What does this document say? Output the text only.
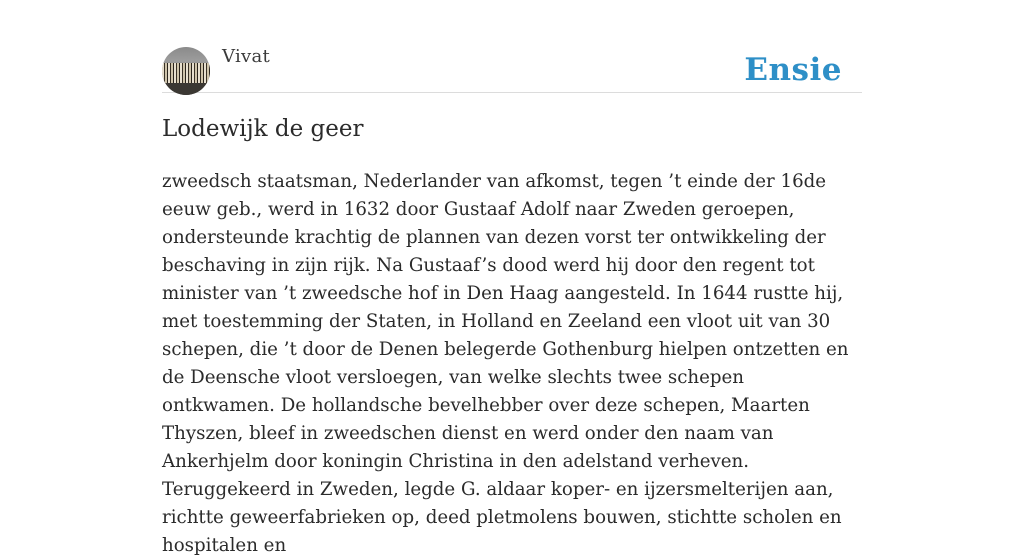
Vivat	Ensie
Lodewijk de geer

zweedsch staatsman, Nederlander van afkomst, tegen ’t einde der 16de eeuw geb., werd in 1632 door Gustaaf Adolf naar Zweden geroepen, ondersteunde krachtig de plannen van dezen vorst ter ontwikkeling der beschaving in zijn rijk. Na Gustaaf’s dood werd hij door den regent tot minister van ’t zweedsche hof in Den Haag aangesteld. In 1644 rustte hij, met toestemming der Staten, in Holland en Zeeland een vloot uit van 30 schepen, die ’t door de Denen belegerde Gothenburg hielpen ontzetten en de Deensche vloot versloegen, van welke slechts twee schepen ontkwamen. De hollandsche bevelhebber over deze schepen, Maarten Thyszen, bleef in zweedschen dienst en werd onder den naam van Ankerhjelm door koningin Christina in den adelstand verheven. Teruggekeerd in Zweden, legde G. aldaar koper- en ijzersmelterijen aan, richtte geweerfabrieken op, deed pletmolens bouwen, stichtte scholen en hospitalen en
